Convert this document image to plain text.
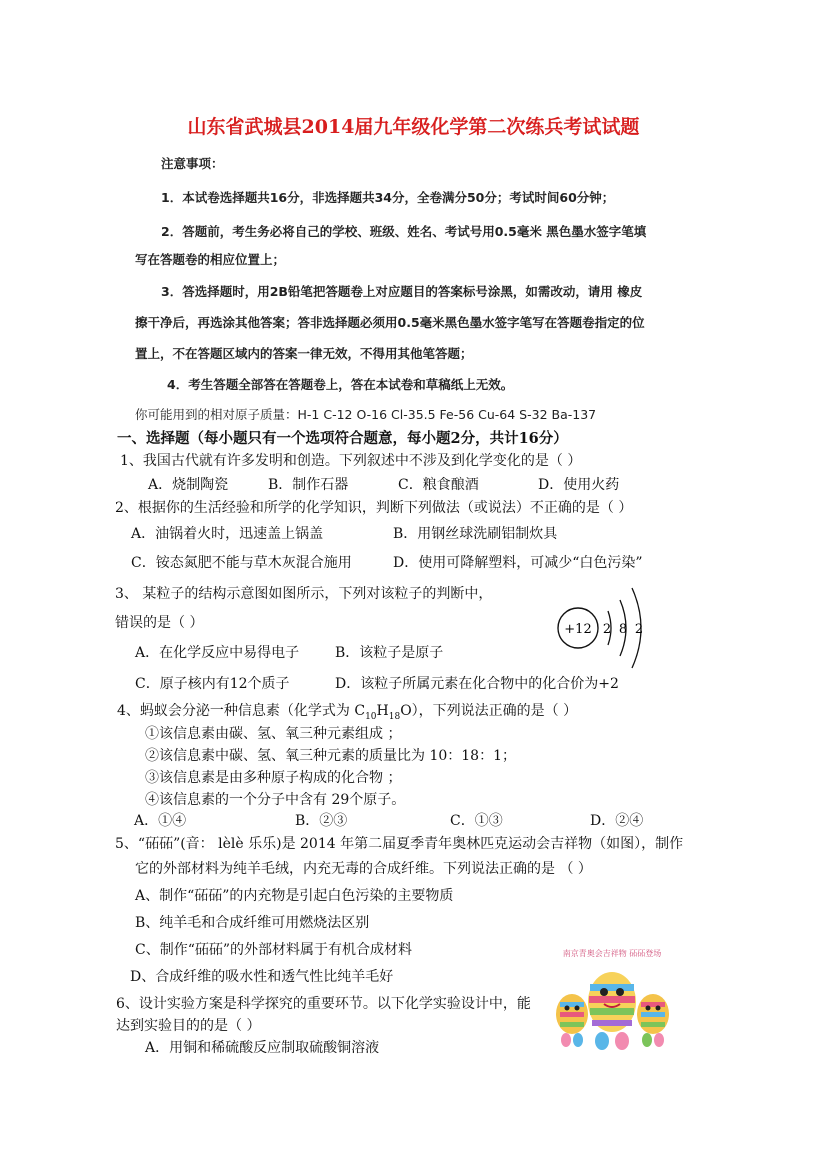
山东省武城县2014届九年级化学第二次练兵考试试题
注意事项：
1．本试卷选择题共16分，非选择题共34分，全卷满分50分；考试时间60分钟；
2．答题前，考生务必将自己的学校、班级、姓名、考试号用0.5毫米 黑色墨水签字笔填
写在答题卷的相应位置上；
3．答选择题时，用2B铅笔把答题卷上对应题目的答案标号涂黑，如需改动，请用 橡皮
擦干净后，再选涂其他答案；答非选择题必须用0.5毫米黑色墨水签字笔写在答题卷指定的位
置上，不在答题区域内的答案一律无效，不得用其他笔答题；
4．考生答题全部答在答题卷上，答在本试卷和草稿纸上无效。
你可能用到的相对原子质量：H-1 C-12 O-16 Cl-35.5 Fe-56 Cu-64 S-32 Ba-137
一、选择题（每小题只有一个选项符合题意，每小题2分，共计16分）
1、我国古代就有许多发明和创造。下列叙述中不涉及到化学变化的是（ ）
A．烧制陶瓷	B．制作石器	C．粮食酿酒	D．使用火药
2、根据你的生活经验和所学的化学知识，判断下列做法（或说法）不正确的是（ ）
A．油锅着火时，迅速盖上锅盖	B．用钢丝球洗刷铝制炊具
C．铵态氮肥不能与草木灰混合施用	D．使用可降解塑料，可减少“白色污染”
3、 某粒子的结构示意图如图所示，下列对该粒子的判断中，
错误的是（ ）
A．在化学反应中易得电子	B．该粒子是原子
C．原子核内有12个质子	D．该粒子所属元素在化合物中的化合价为+2
+12 2 8 2
4、蚂蚁会分泌一种信息素（化学式为 $C_{10}H_{18}O$），下列说法正确的是（ ）
①该信息素由碳、氢、氧三种元素组成 ；
②该信息素中碳、氢、氧三种元素的质量比为 10：18：1；
③该信息素是由多种原子构成的化合物 ；
④该信息素的一个分子中含有 29个原子。
A．①④	B．②③	C．①③	D．②④
5、“砳砳”(音： lèlè 乐乐)是 2014 年第二届夏季青年奥林匹克运动会吉祥物（如图），制作
它的外部材料为纯羊毛绒，内充无毒的合成纤维。下列说法正确的是 （ ）
A、制作“砳砳”的内充物是引起白色污染的主要物质
B、纯羊毛和合成纤维可用燃烧法区别
C、制作“砳砳”的外部材料属于有机合成材料
D、合成纤维的吸水性和透气性比纯羊毛好
南京青奥会吉祥物 砳砳登场
6、设计实验方案是科学探究的重要环节。以下化学实验设计中，能
达到实验目的的是（ ）
A．用铜和稀硫酸反应制取硫酸铜溶液
